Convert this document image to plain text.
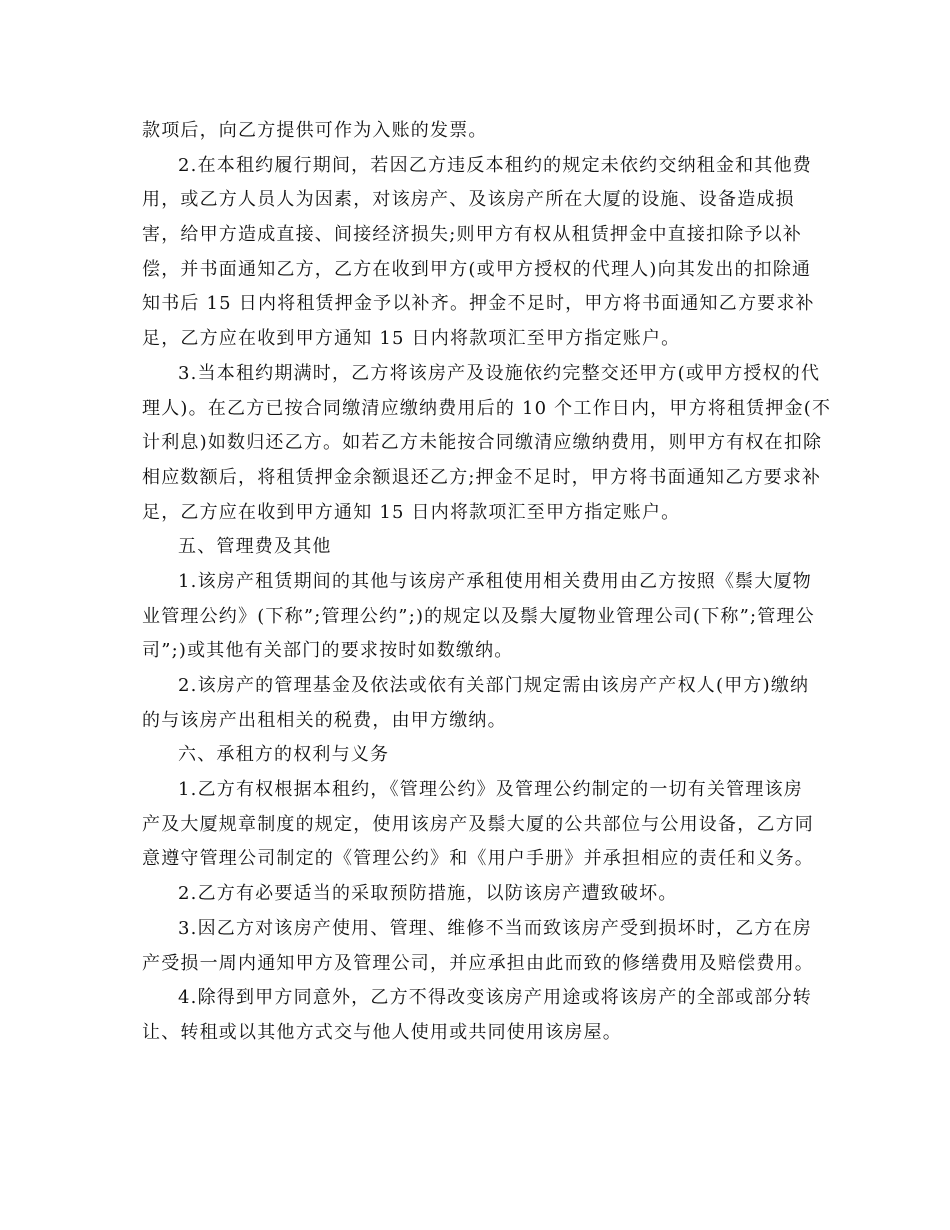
款项后，向乙方提供可作为入账的发票。
2.在本租约履行期间，若因乙方违反本租约的规定未依约交纳租金和其他费
用，或乙方人员人为因素，对该房产、及该房产所在大厦的设施、设备造成损
害，给甲方造成直接、间接经济损失;则甲方有权从租赁押金中直接扣除予以补
偿，并书面通知乙方，乙方在收到甲方(或甲方授权的代理人)向其发出的扣除通
知书后 15 日内将租赁押金予以补齐。押金不足时，甲方将书面通知乙方要求补
足，乙方应在收到甲方通知 15 日内将款项汇至甲方指定账户。
3.当本租约期满时，乙方将该房产及设施依约完整交还甲方(或甲方授权的代
理人)。在乙方已按合同缴清应缴纳费用后的 10 个工作日内，甲方将租赁押金(不
计利息)如数归还乙方。如若乙方未能按合同缴清应缴纳费用，则甲方有权在扣除
相应数额后，将租赁押金余额退还乙方;押金不足时，甲方将书面通知乙方要求补
足，乙方应在收到甲方通知 15 日内将款项汇至甲方指定账户。
五、管理费及其他
1.该房产租赁期间的其他与该房产承租使用相关费用由乙方按照《鬃大厦物
业管理公约》(下称”;管理公约”;)的规定以及鬃大厦物业管理公司(下称”;管理公
司”;)或其他有关部门的要求按时如数缴纳。
2.该房产的管理基金及依法或依有关部门规定需由该房产产权人(甲方)缴纳
的与该房产出租相关的税费，由甲方缴纳。
六、承租方的权利与义务
1.乙方有权根据本租约，《管理公约》及管理公约制定的一切有关管理该房
产及大厦规章制度的规定，使用该房产及鬃大厦的公共部位与公用设备，乙方同
意遵守管理公司制定的《管理公约》和《用户手册》并承担相应的责任和义务。
2.乙方有必要适当的采取预防措施，以防该房产遭致破坏。
3.因乙方对该房产使用、管理、维修不当而致该房产受到损坏时，乙方在房
产受损一周内通知甲方及管理公司，并应承担由此而致的修缮费用及赔偿费用。
4.除得到甲方同意外，乙方不得改变该房产用途或将该房产的全部或部分转
让、转租或以其他方式交与他人使用或共同使用该房屋。
